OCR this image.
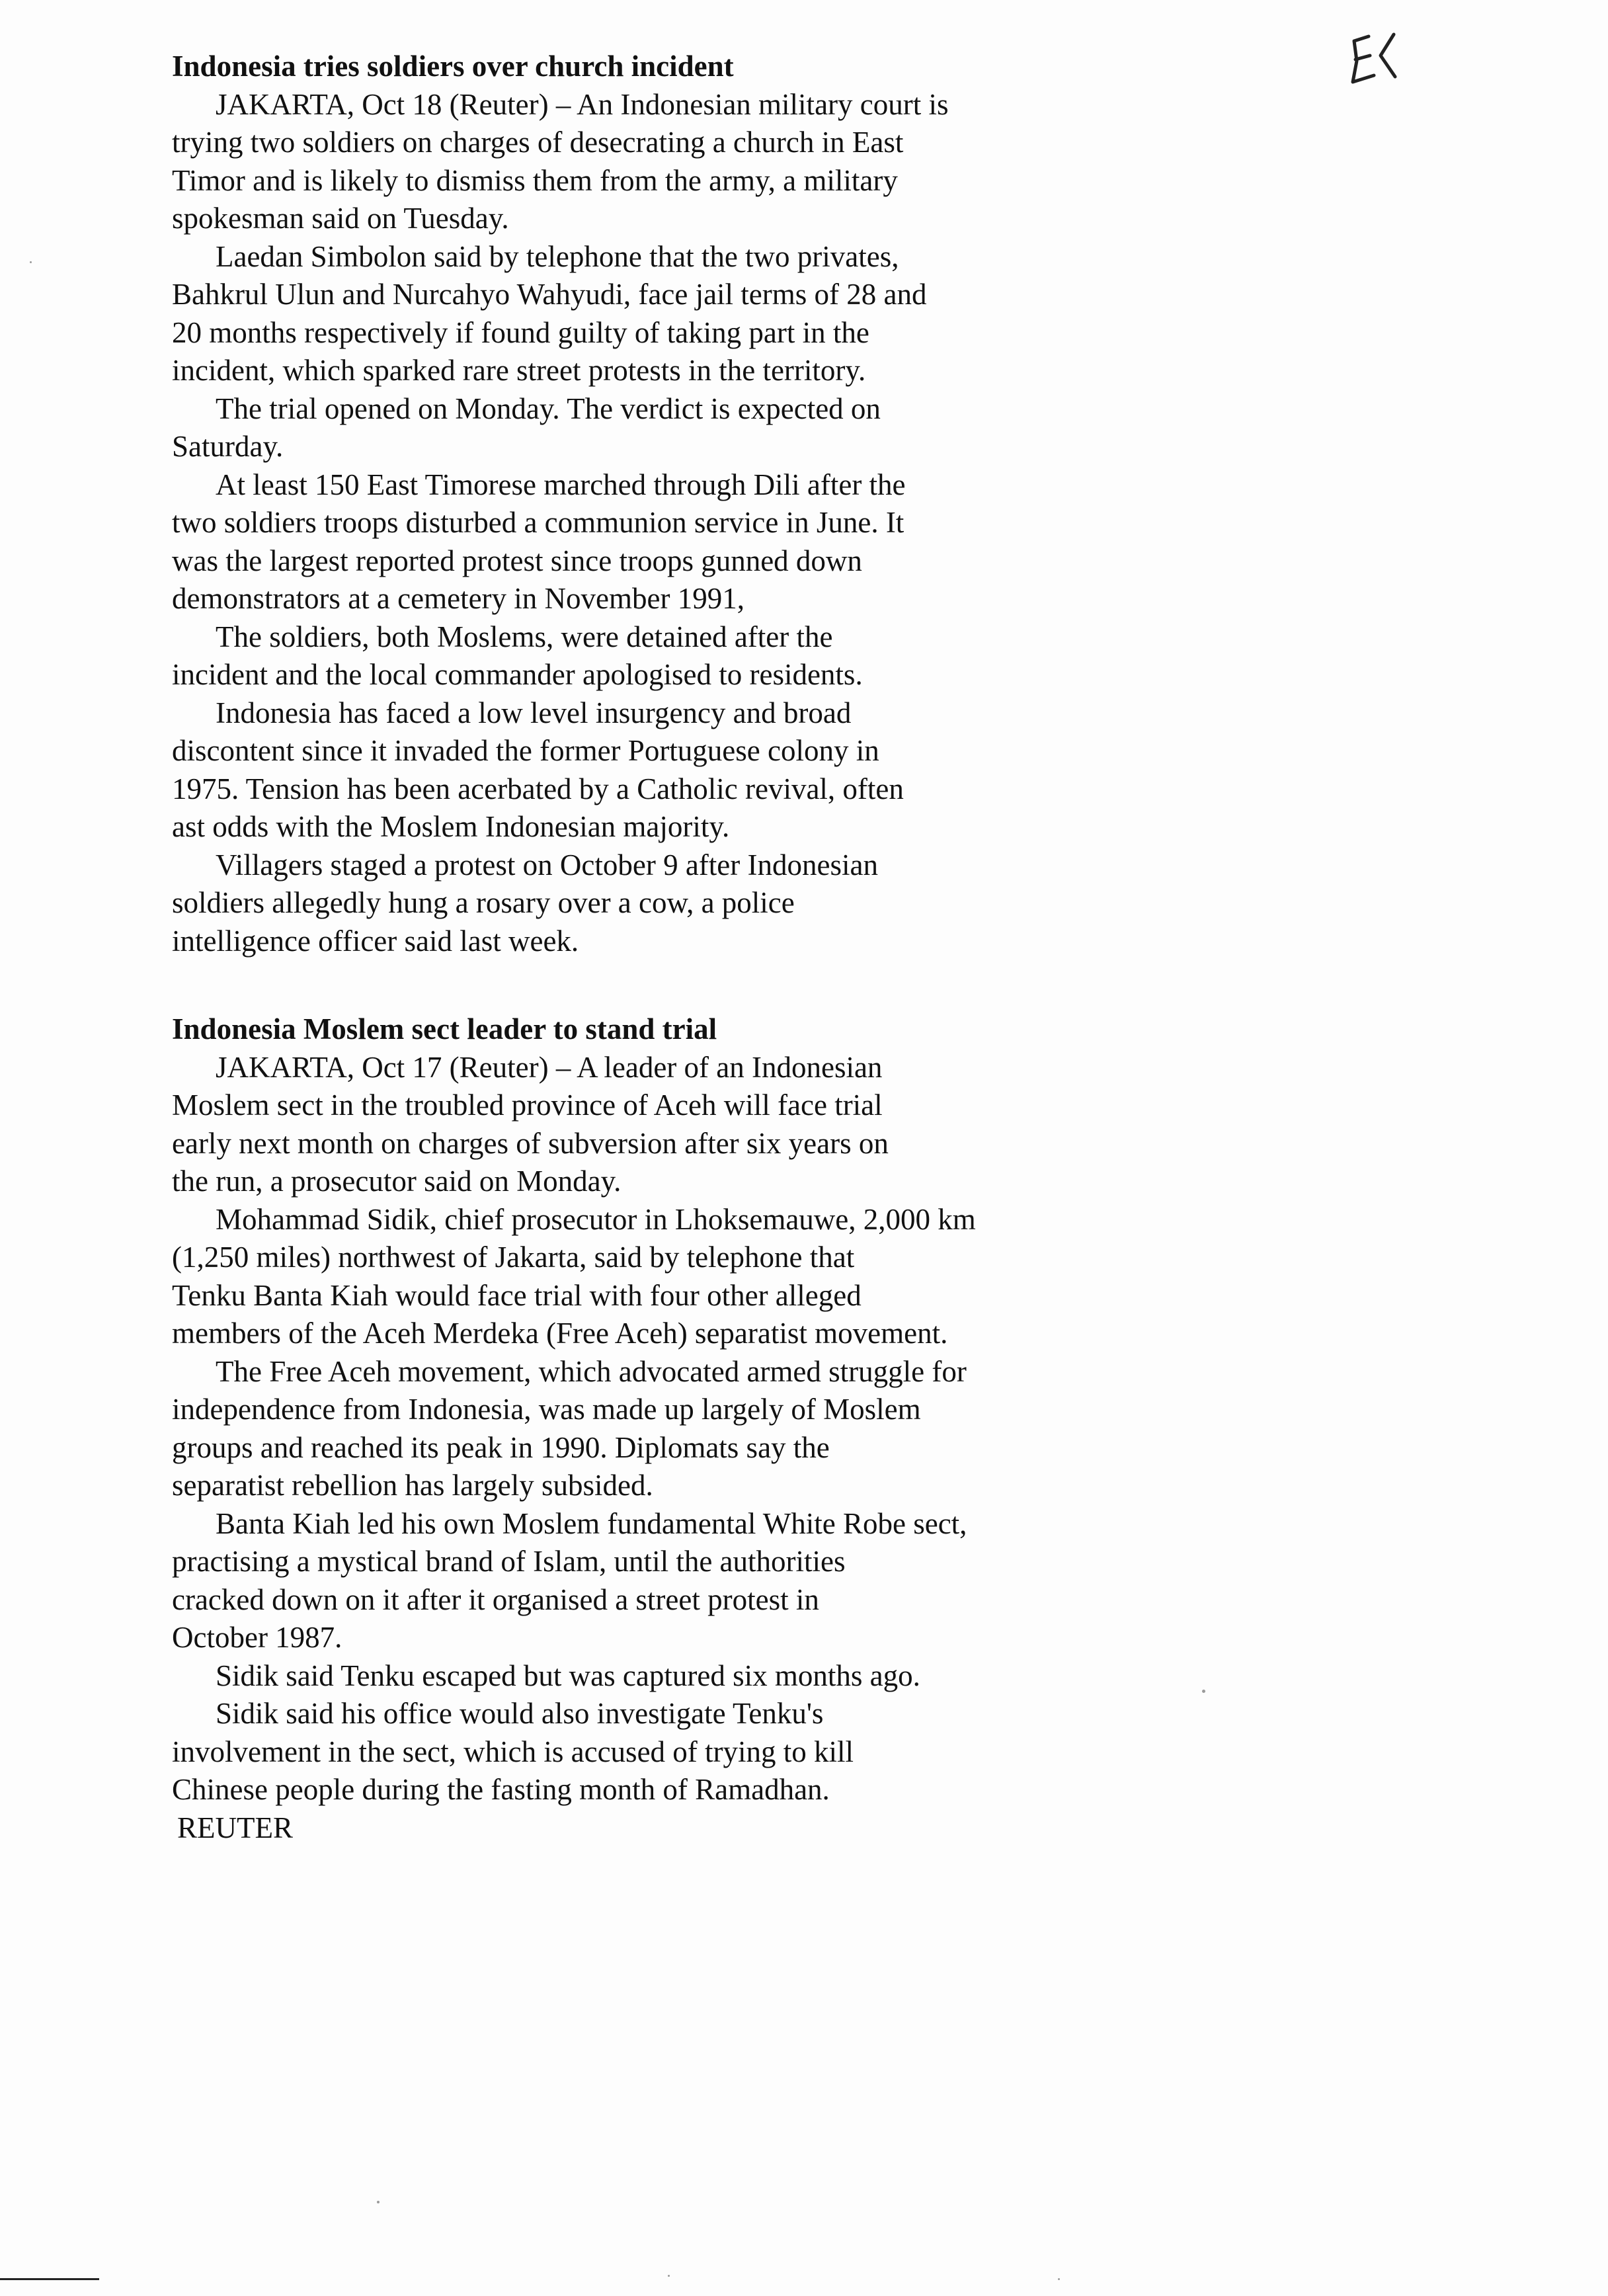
Indonesia tries soldiers over church incident
JAKARTA, Oct 18 (Reuter) – An Indonesian military court is
trying two soldiers on charges of desecrating a church in East
Timor and is likely to dismiss them from the army, a military
spokesman said on Tuesday.
Laedan Simbolon said by telephone that the two privates,
Bahkrul Ulun and Nurcahyo Wahyudi, face jail terms of 28 and
20 months respectively if found guilty of taking part in the
incident, which sparked rare street protests in the territory.
The trial opened on Monday. The verdict is expected on
Saturday.
At least 150 East Timorese marched through Dili after the
two soldiers troops disturbed a communion service in June. It
was the largest reported protest since troops gunned down
demonstrators at a cemetery in November 1991,
The soldiers, both Moslems, were detained after the
incident and the local commander apologised to residents.
Indonesia has faced a low level insurgency and broad
discontent since it invaded the former Portuguese colony in
1975. Tension has been acerbated by a Catholic revival, often
ast odds with the Moslem Indonesian majority.
Villagers staged a protest on October 9 after Indonesian
soldiers allegedly hung a rosary over a cow, a police
intelligence officer said last week.
Indonesia Moslem sect leader to stand trial
JAKARTA, Oct 17 (Reuter) – A leader of an Indonesian
Moslem sect in the troubled province of Aceh will face trial
early next month on charges of subversion after six years on
the run, a prosecutor said on Monday.
Mohammad Sidik, chief prosecutor in Lhoksemauwe, 2,000 km
(1,250 miles) northwest of Jakarta, said by telephone that
Tenku Banta Kiah would face trial with four other alleged
members of the Aceh Merdeka (Free Aceh) separatist movement.
The Free Aceh movement, which advocated armed struggle for
independence from Indonesia, was made up largely of Moslem
groups and reached its peak in 1990. Diplomats say the
separatist rebellion has largely subsided.
Banta Kiah led his own Moslem fundamental White Robe sect,
practising a mystical brand of Islam, until the authorities
cracked down on it after it organised a street protest in
October 1987.
Sidik said Tenku escaped but was captured six months ago.
Sidik said his office would also investigate Tenku's
involvement in the sect, which is accused of trying to kill
Chinese people during the fasting month of Ramadhan.
REUTER
